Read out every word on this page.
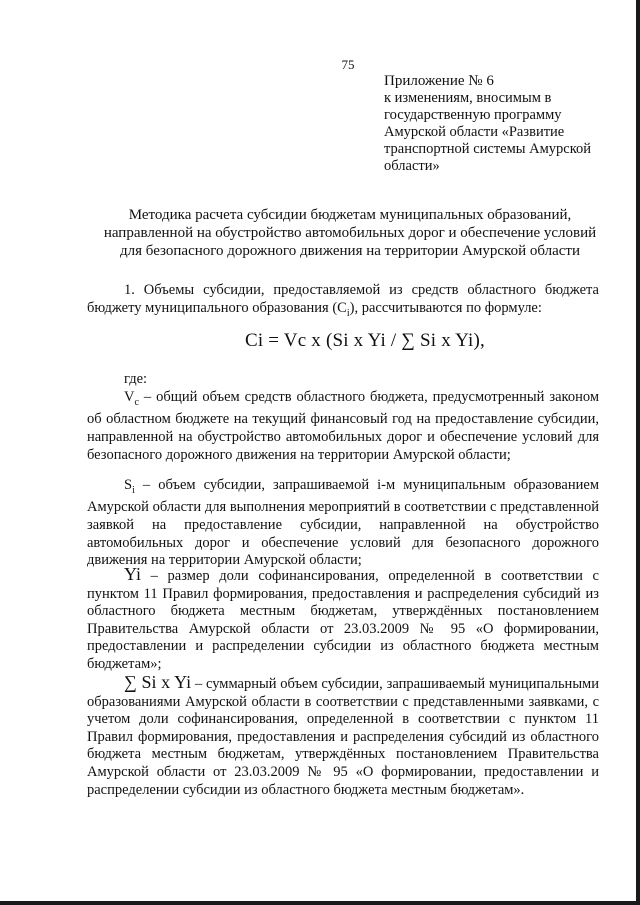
75
Приложение № 6
к изменениям, вносимым в
государственную программу
Амурской области «Развитие
транспортной системы Амурской
области»
Методика расчета субсидии бюджетам муниципальных образований,
направленной на обустройство автомобильных дорог и обеспечение условий
для безопасного дорожного движения на территории Амурской области
1. Объемы субсидии, предоставляемой из средств областного бюджета бюджету муниципального образования $(С_i)$, рассчитываются по формуле:
Ci = Vc x (Si x Yi / ∑ Si x Yi),
где:
$V_c$ – общий объем средств областного бюджета, предусмотренный законом об областном бюджете на текущий финансовый год на предоставление субсидии, направленной на обустройство автомобильных дорог и обеспечение условий для безопасного дорожного движения на территории Амурской области;
$S_i$ – объем субсидии, запрашиваемой i-м муниципальным образованием Амурской области для выполнения мероприятий в соответствии с представленной заявкой на предоставление субсидии, направленной на обустройство автомобильных дорог и обеспечение условий для безопасного дорожного движения на территории Амурской области;
Yi – размер доли софинансирования, определенной в соответствии с пунктом 11 Правил формирования, предоставления и распределения субсидий из областного бюджета местным бюджетам, утверждённых постановлением Правительства Амурской области от 23.03.2009 № 95 «О формировании, предоставлении и распределении субсидии из областного бюджета местным бюджетам»;
∑ Si x Yi – суммарный объем субсидии, запрашиваемый муниципальными образованиями Амурской области в соответствии с представленными заявками, с учетом доли софинансирования, определенной в соответствии с пунктом 11 Правил формирования, предоставления и распределения субсидий из областного бюджета местным бюджетам, утверждённых постановлением Правительства Амурской области от 23.03.2009 № 95 «О формировании, предоставлении и распределении субсидии из областного бюджета местным бюджетам».
